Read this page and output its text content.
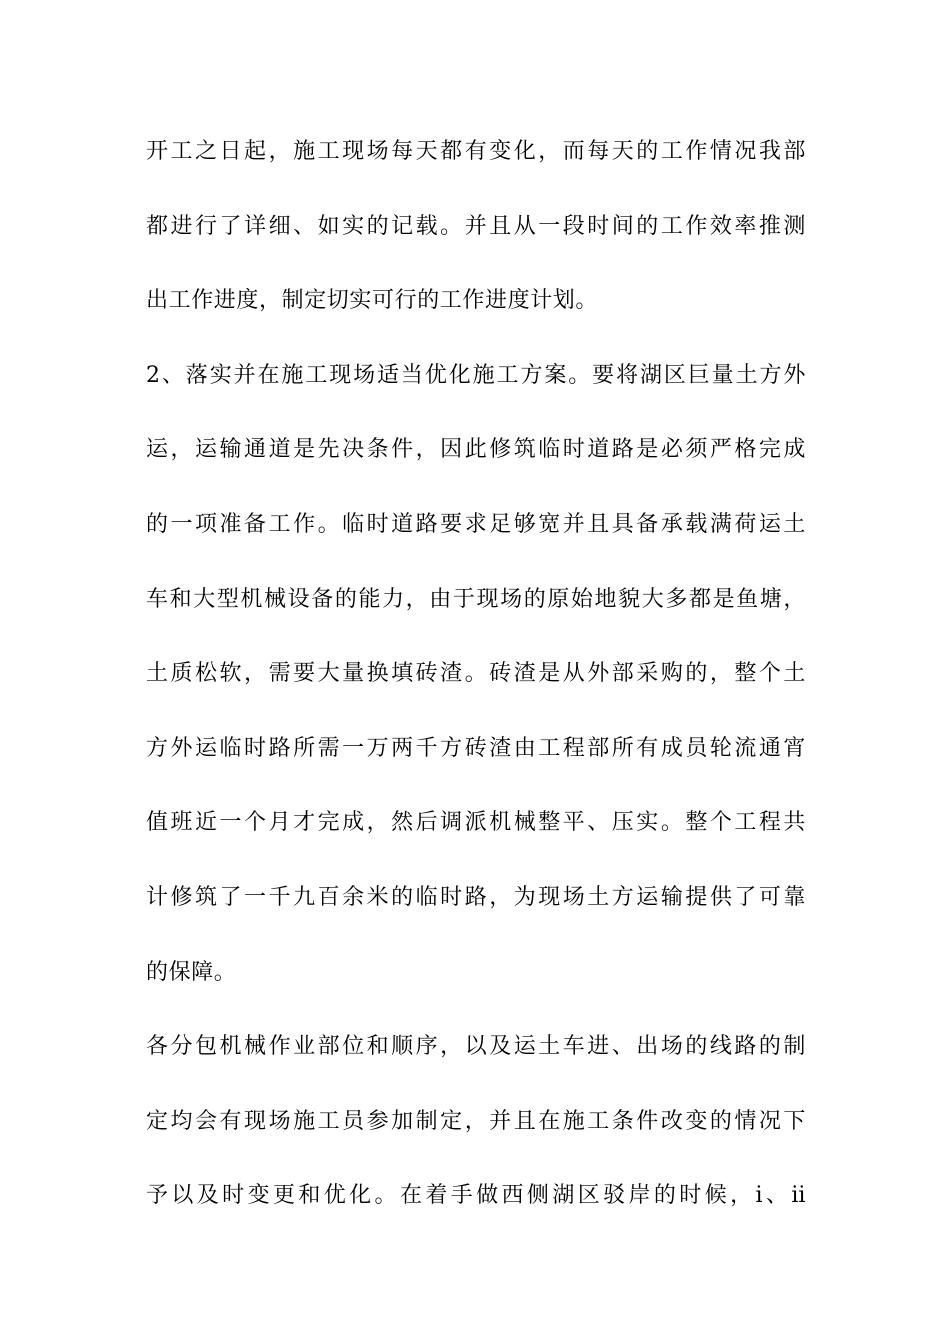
开工之日起，施工现场每天都有变化，而每天的工作情况我部
都进行了详细、如实的记载。并且从一段时间的工作效率推测
出工作进度，制定切实可行的工作进度计划。
2、落实并在施工现场适当优化施工方案。要将湖区巨量土方外
运，运输通道是先决条件，因此修筑临时道路是必须严格完成
的一项准备工作。临时道路要求足够宽并且具备承载满荷运土
车和大型机械设备的能力，由于现场的原始地貌大多都是鱼塘，
土质松软，需要大量换填砖渣。砖渣是从外部采购的，整个土
方外运临时路所需一万两千方砖渣由工程部所有成员轮流通宵
值班近一个月才完成，然后调派机械整平、压实。整个工程共
计修筑了一千九百余米的临时路，为现场土方运输提供了可靠
的保障。
各分包机械作业部位和顺序，以及运土车进、出场的线路的制
定均会有现场施工员参加制定，并且在施工条件改变的情况下
予以及时变更和优化。在着手做西侧湖区驳岸的时候，ⅰ、ⅱ
